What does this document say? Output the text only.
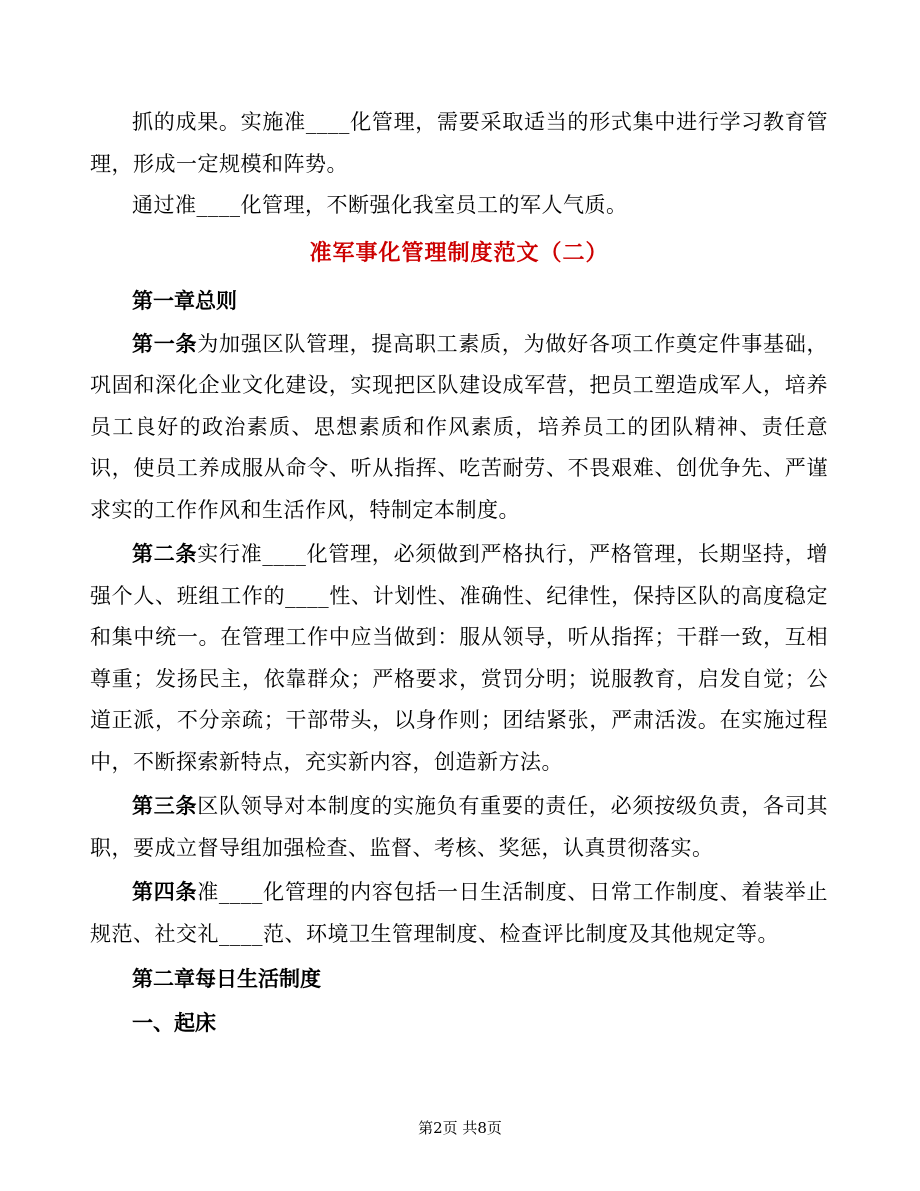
抓的成果。实施准____化管理，需要采取适当的形式集中进行学习教育管理，形成一定规模和阵势。

通过准____化管理，不断强化我室员工的军人气质。

准军事化管理制度范文（二）
第一章总则

第一条为加强区队管理，提高职工素质，为做好各项工作奠定件事基础，巩固和深化企业文化建设，实现把区队建设成军营，把员工塑造成军人，培养员工良好的政治素质、思想素质和作风素质，培养员工的团队精神、责任意识，使员工养成服从命令、听从指挥、吃苦耐劳、不畏艰难、创优争先、严谨求实的工作作风和生活作风，特制定本制度。

第二条实行准____化管理，必须做到严格执行，严格管理，长期坚持，增强个人、班组工作的____性、计划性、准确性、纪律性，保持区队的高度稳定和集中统一。在管理工作中应当做到：服从领导，听从指挥；干群一致，互相尊重；发扬民主，依靠群众；严格要求，赏罚分明；说服教育，启发自觉；公道正派，不分亲疏；干部带头，以身作则；团结紧张，严肃活泼。在实施过程中，不断探索新特点，充实新内容，创造新方法。

第三条区队领导对本制度的实施负有重要的责任，必须按级负责，各司其职，要成立督导组加强检查、监督、考核、奖惩，认真贯彻落实。

第四条准____化管理的内容包括一日生活制度、日常工作制度、着装举止规范、社交礼____范、环境卫生管理制度、检查评比制度及其他规定等。

第二章每日生活制度
一、起床
第2页 共8页
